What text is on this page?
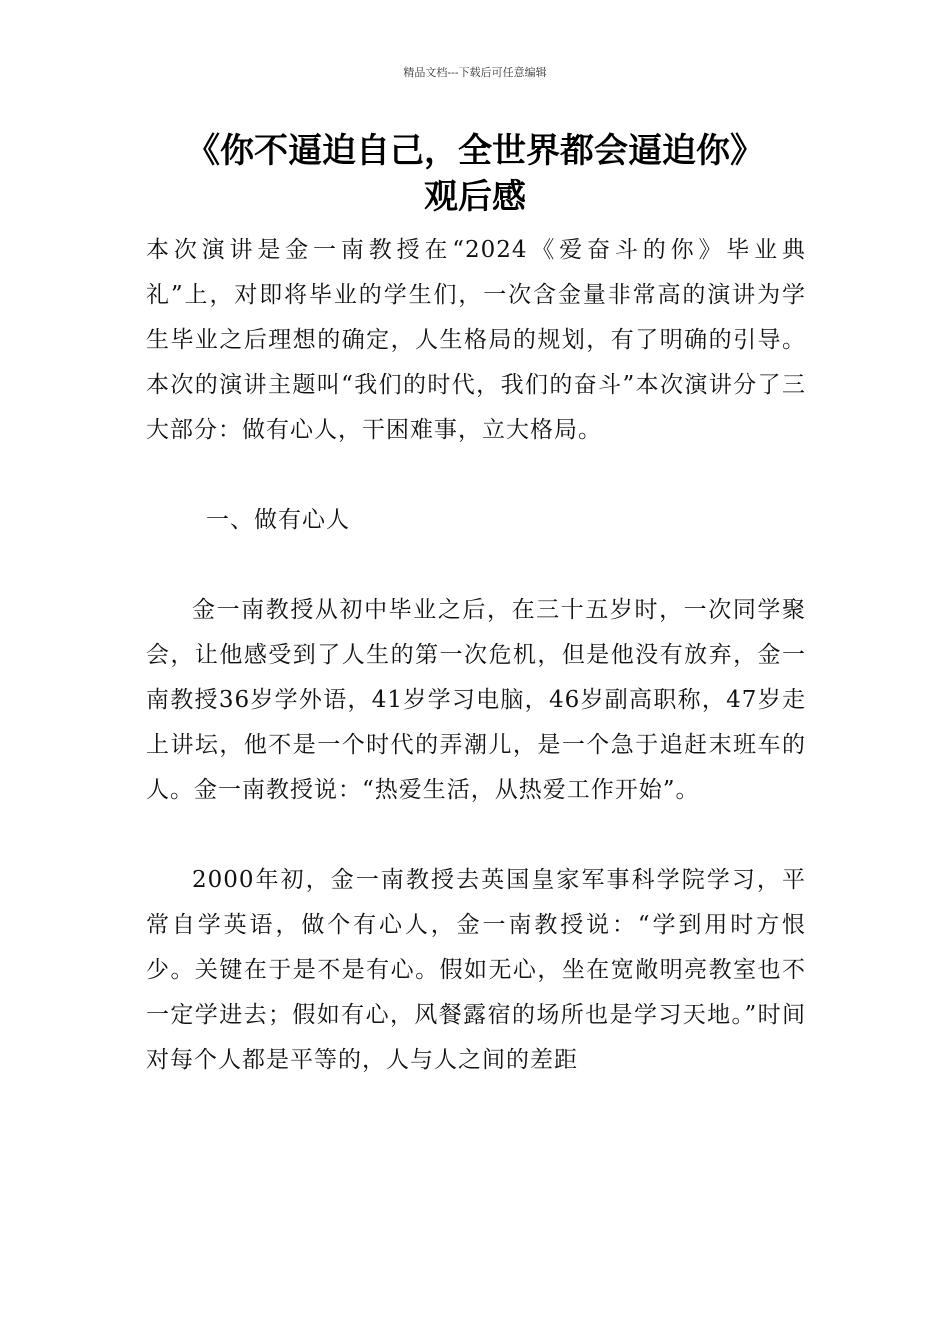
精品文档---下载后可任意编辑
《你不逼迫自己，全世界都会逼迫你》
观后感

本次演讲是金一南教授在“2024《爱奋斗的你》毕业典礼”上，对即将毕业的学生们，一次含金量非常高的演讲为学生毕业之后理想的确定，人生格局的规划，有了明确的引导。本次的演讲主题叫“我们的时代，我们的奋斗”本次演讲分了三大部分：做有心人，干困难事，立大格局。

一、做有心人

金一南教授从初中毕业之后，在三十五岁时，一次同学聚会，让他感受到了人生的第一次危机，但是他没有放弃，金一南教授36岁学外语，41岁学习电脑，46岁副高职称，47岁走上讲坛，他不是一个时代的弄潮儿，是一个急于追赶末班车的人。金一南教授说：“热爱生活，从热爱工作开始”。

2000年初，金一南教授去英国皇家军事科学院学习，平常自学英语，做个有心人，金一南教授说：“学到用时方恨少。关键在于是不是有心。假如无心，坐在宽敞明亮教室也不一定学进去；假如有心，风餐露宿的场所也是学习天地。”时间对每个人都是平等的，人与人之间的差距
